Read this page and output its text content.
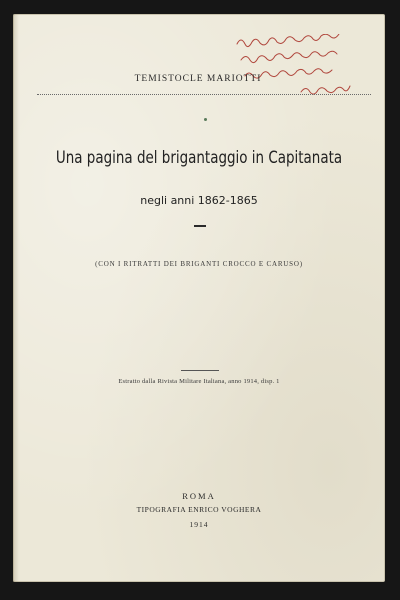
TEMISTOCLE MARIOTTI
Una pagina del brigantaggio in Capitanata
negli anni 1862-1865
(CON I RITRATTI DEI BRIGANTI CROCCO E CARUSO)
Estratto dalla Rivista Militare Italiana, anno 1914, disp. 1
ROMA
TIPOGRAFIA ENRICO VOGHERA
1914
